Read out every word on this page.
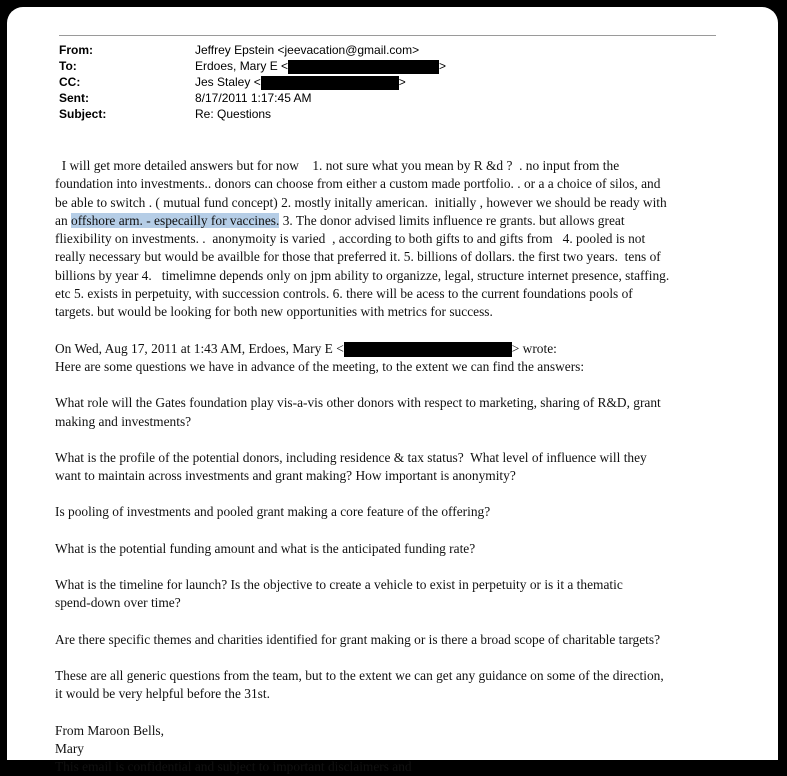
From:	Jeffrey Epstein <jeevacation@gmail.com>
To:	Erdoes, Mary E <	>
CC:	Jes Staley <	>
Sent:	8/17/2011 1:17:45 AM
Subject:	Re: Questions

I will get more detailed answers but for now    1. not sure what you mean by R &d ?  . no input from the

foundation into investments.. donors can choose from either a custom made portfolio. . or a a choice of silos, and

be able to switch . ( mutual fund concept) 2. mostly initally american.  initially , however we should be ready with

an offshore arm. - especailly for vaccines. 3. The donor advised limits influence re grants. but allows great

fliexibility on investments. .  anonymoity is varied  , according to both gifts to and gifts from   4. pooled is not

really necessary but would be availble for those that preferred it. 5. billions of dollars. the first two years.  tens of

billions by year 4.   timelimne depends only on jpm ability to organizze, legal, structure internet presence, staffing.

etc 5. exists in perpetuity, with succession controls. 6. there will be acess to the current foundations pools of

targets. but would be looking for both new opportunities with metrics for success.

On Wed, Aug 17, 2011 at 1:43 AM, Erdoes, Mary E <	> wrote:

Here are some questions we have in advance of the meeting, to the extent we can find the answers:

What role will the Gates foundation play vis-a-vis other donors with respect to marketing, sharing of R&D, grant

making and investments?

What is the profile of the potential donors, including residence & tax status?  What level of influence will they

want to maintain across investments and grant making? How important is anonymity?

Is pooling of investments and pooled grant making a core feature of the offering?

What is the potential funding amount and what is the anticipated funding rate?

What is the timeline for launch? Is the objective to create a vehicle to exist in perpetuity or is it a thematic

spend-down over time?

Are there specific themes and charities identified for grant making or is there a broad scope of charitable targets?

These are all generic questions from the team, but to the extent we can get any guidance on some of the direction,

it would be very helpful before the 31st.

From Maroon Bells,

Mary

This email is confidential and subject to important disclaimers and
